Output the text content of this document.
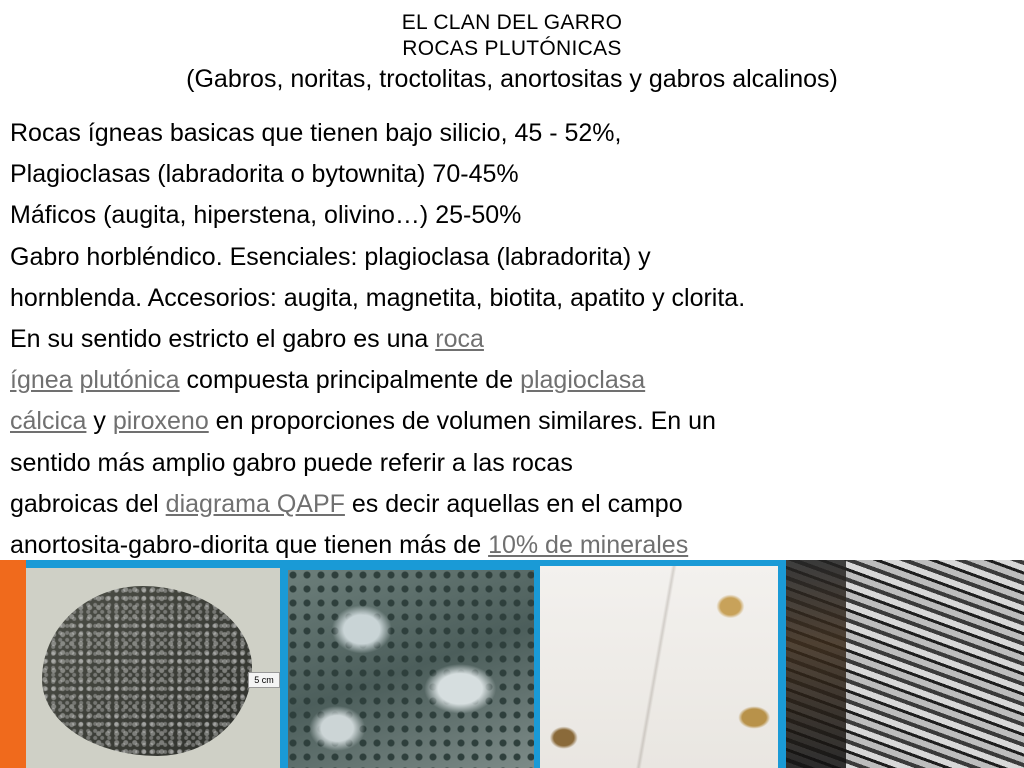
EL CLAN DEL GARRO
ROCAS PLUTÓNICAS
(Gabros, noritas, troctolitas, anortositas y gabros alcalinos)

Rocas ígneas basicas que tienen bajo silicio, 45 - 52%,

Plagioclasas (labradorita o bytownita) 70-45%

Máficos (augita, hiperstena, olivino…) 25-50%

Gabro horbléndico. Esenciales: plagioclasa (labradorita) y

hornblenda. Accesorios: augita, magnetita, biotita, apatito y clorita.

En su sentido estricto el gabro es una roca

ígnea plutónica compuesta principalmente de plagioclasa

cálcica y piroxeno en proporciones de volumen similares. En un

sentido más amplio gabro puede referir a las rocas

gabroicas del diagrama QAPF es decir aquellas en el campo

anortosita-gabro-diorita que tienen más de 10% de minerales

5 cm
